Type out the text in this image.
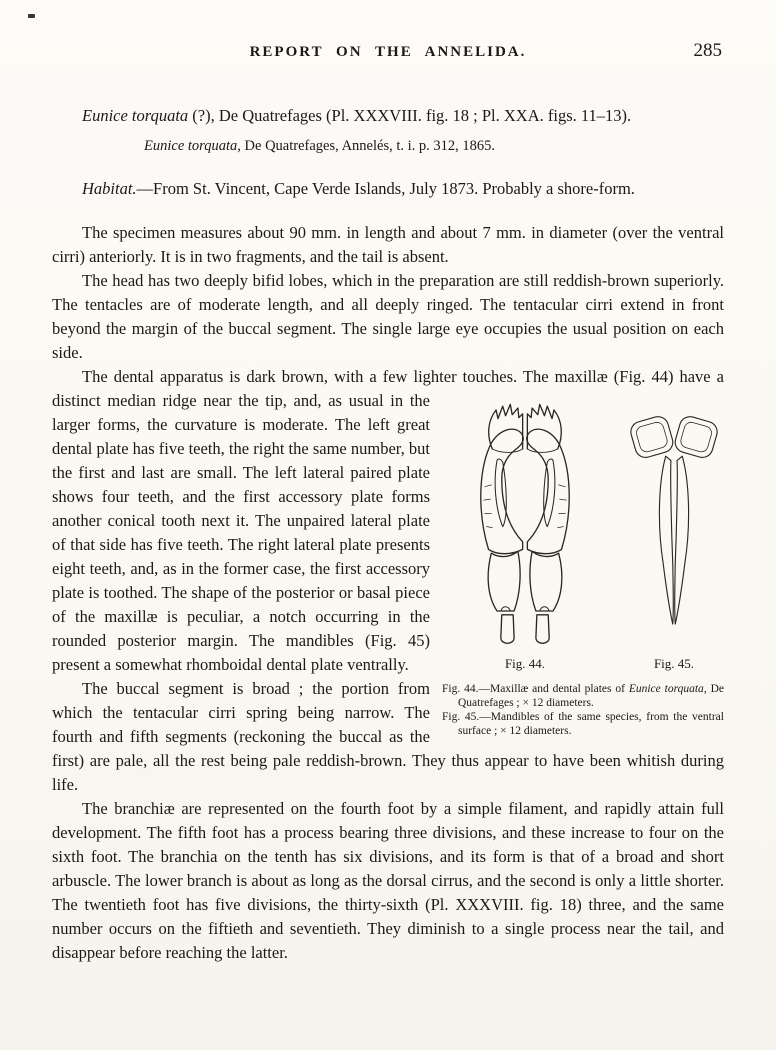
REPORT ON THE ANNELIDA.	285
Eunice torquata (?), De Quatrefages (Pl. XXXVIII. fig. 18 ; Pl. XXA. figs. 11–13).
Eunice torquata, De Quatrefages, Annelés, t. i. p. 312, 1865.
Habitat.—From St. Vincent, Cape Verde Islands, July 1873. Probably a shore-form.
The specimen measures about 90 mm. in length and about 7 mm. in diameter (over the ventral cirri) anteriorly. It is in two fragments, and the tail is absent.
The head has two deeply bifid lobes, which in the preparation are still reddish-brown superiorly. The tentacles are of moderate length, and all deeply ringed. The tentacular cirri extend in front beyond the margin of the buccal segment. The single large eye occupies the usual position on each side.
The dental apparatus is dark brown, with a few lighter touches. The maxillæ (Fig. 44)
Fig. 44.	Fig. 45.
Fig. 44.—Maxillæ and dental plates of Eunice torquata, De Quatrefages ; × 12 diameters.
Fig. 45.—Mandibles of the same species, from the ventral surface ; × 12 diameters.
have a distinct median ridge near the tip, and, as usual in the larger forms, the curvature is moderate. The left great dental plate has five teeth, the right the same number, but the first and last are small. The left lateral paired plate shows four teeth, and the first accessory plate forms another conical tooth next it. The unpaired lateral plate of that side has five teeth. The right lateral plate presents eight teeth, and, as in the former case, the first accessory plate is toothed. The shape of the posterior or basal piece of the maxillæ is peculiar, a notch occurring in the rounded posterior margin. The mandibles (Fig. 45) present a somewhat rhomboidal dental plate ventrally.
The buccal segment is broad ; the portion from which the tentacular cirri spring being narrow. The fourth and fifth segments (reckoning the buccal as the first) are pale, all the rest being pale reddish-brown. They thus appear to have been whitish during life.
The branchiæ are represented on the fourth foot by a simple filament, and rapidly attain full development. The fifth foot has a process bearing three divisions, and these increase to four on the sixth foot. The branchia on the tenth has six divisions, and its form is that of a broad and short arbuscle. The lower branch is about as long as the dorsal cirrus, and the second is only a little shorter. The twentieth foot has five divisions, the thirty-sixth (Pl. XXXVIII. fig. 18) three, and the same number occurs on the fiftieth and seventieth. They diminish to a single process near the tail, and disappear before reaching the latter.
